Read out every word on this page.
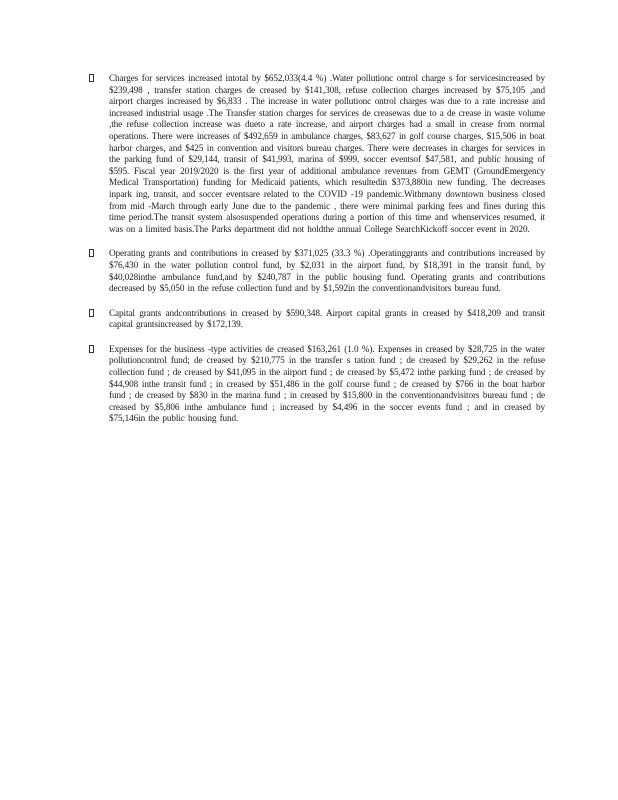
Charges for services increased intotal by $652,033(4.4 %) .Water pollutionc ontrol charge s for servicesincreased by $239,498 , transfer station charges de creased by $141,308, refuse collection charges increased by $75,105 ,and airport charges increased by $6,833 . The increase in water pollutionc ontrol charges was due to a rate increase and increased industrial usage .The Transfer station charges for services de creasewas due to a de crease in waste volume ,the refuse collection increase was dueto a rate increase, and airport charges had a small in crease from normal operations. There were increases of $492,659 in ambulance charges, $83,627 in golf course charges, $15,506 in boat harbor charges, and $425 in convention and visitors bureau charges. There were decreases in charges for services in the parking fund of $29,144, transit of $41,993, marina of $999, soccer eventsof $47,581, and public housing of $595. Fiscal year 2019/2020 is the first year of additional ambulance revenues from GEMT (GroundEmergency Medical Transportation) funding for Medicaid patients, which resultedin $373,880in new funding. The decreases inpark ing, transit, and soccer eventsare related to the COVID -19 pandemic.Withmany downtown business closed from mid -March through early June due to the pandemic , there were minimal parking fees and fines during this time period.The transit system alsosuspended operations during a portion of this time and whenservices resumed, it was on a limited basis.The Parks department did not holdthe annual College SearchKickoff soccer event in 2020.
Operating grants and contributions in creased by $371,025 (33.3 %) .Operatinggrants and contributions increased by $76,430 in the water pollution control fund, by $2,031 in the airport fund, by $18,391 in the transit fund, by $40,028inthe ambulance fund,and by $240,787 in the public housing fund. Operating grants and contributions decreased by $5,050 in the refuse collection fund and by $1,592in the conventionandvisitors bureau fund.
Capital grants andcontributions in creased by $590,348. Airport capital grants in creased by $418,209 and transit capital grantsincreased by $172,139.
Expenses for the business -type activities de creased $163,261 (1.0 %). Expenses in creased by $28,725 in the water pollutioncontrol fund; de creased by $210,775 in the transfer s tation fund ; de creased by $29,262 in the refuse collection fund ; de creased by $41,095 in the airport fund ; de creased by $5,472 inthe parking fund ; de creased by $44,908 inthe transit fund ; in creased by $51,486 in the golf course fund ; de creased by $766 in the boat harbor fund ; de creased by $830 in the marina fund ; in creased by $15,800 in the conventionandvisitors bureau fund ; de creased by $5,806 inthe ambulance fund ; increased by $4,496 in the soccer events fund ; and in creased by $75,146in the public housing fund.
